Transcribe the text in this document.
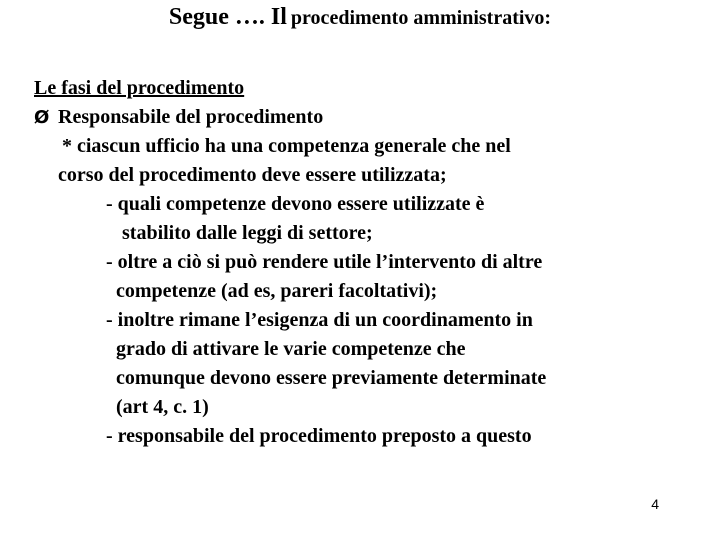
Segue …. Il procedimento amministrativo:
Le fasi del procedimento
Ø Responsabile del procedimento
* ciascun ufficio ha una competenza generale che nel
corso del procedimento deve essere utilizzata;
- quali competenze devono essere utilizzate è
stabilito dalle leggi di settore;
- oltre a ciò si può rendere utile l’intervento di altre
competenze (ad es, pareri facoltativi);
- inoltre rimane l’esigenza di un coordinamento in
grado di attivare le varie competenze che
comunque devono essere previamente determinate
(art 4, c. 1)
- responsabile del procedimento preposto a questo
4
